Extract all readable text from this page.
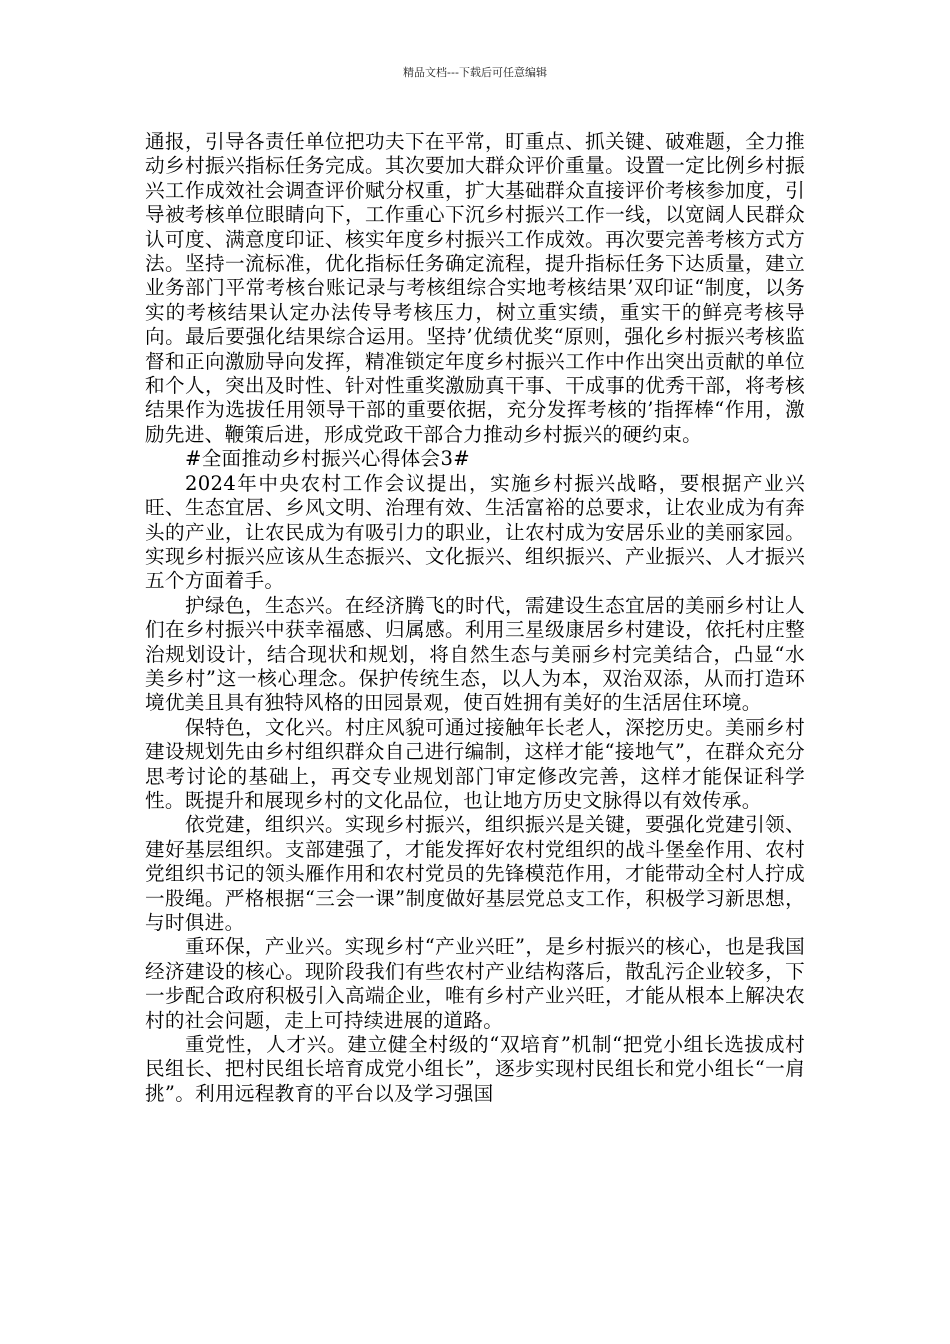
精品文档---下载后可任意编辑

通报，引导各责任单位把功夫下在平常，盯重点、抓关键、破难题，全力推动乡村振兴指标任务完成。其次要加大群众评价重量。设置一定比例乡村振兴工作成效社会调查评价赋分权重，扩大基础群众直接评价考核参加度，引导被考核单位眼睛向下，工作重心下沉乡村振兴工作一线，以宽阔人民群众认可度、满意度印证、核实年度乡村振兴工作成效。再次要完善考核方式方法。坚持一流标准，优化指标任务确定流程，提升指标任务下达质量，建立业务部门平常考核台账记录与考核组综合实地考核结果’双印证“制度，以务实的考核结果认定办法传导考核压力，树立重实绩，重实干的鲜亮考核导向。最后要强化结果综合运用。坚持’优绩优奖“原则，强化乡村振兴考核监督和正向激励导向发挥，精准锁定年度乡村振兴工作中作出突出贡献的单位和个人，突出及时性、针对性重奖激励真干事、干成事的优秀干部，将考核结果作为选拔任用领导干部的重要依据，充分发挥考核的’指挥棒“作用，激励先进、鞭策后进，形成党政干部合力推动乡村振兴的硬约束。

#全面推动乡村振兴心得体会3#

2024年中央农村工作会议提出，实施乡村振兴战略，要根据产业兴旺、生态宜居、乡风文明、治理有效、生活富裕的总要求，让农业成为有奔头的产业，让农民成为有吸引力的职业，让农村成为安居乐业的美丽家园。实现乡村振兴应该从生态振兴、文化振兴、组织振兴、产业振兴、人才振兴五个方面着手。

护绿色，生态兴。在经济腾飞的时代，需建设生态宜居的美丽乡村让人们在乡村振兴中获幸福感、归属感。利用三星级康居乡村建设，依托村庄整治规划设计，结合现状和规划，将自然生态与美丽乡村完美结合，凸显“水美乡村”这一核心理念。保护传统生态，以人为本，双治双添，从而打造环境优美且具有独特风格的田园景观，使百姓拥有美好的生活居住环境。

保特色，文化兴。村庄风貌可通过接触年长老人，深挖历史。美丽乡村建设规划先由乡村组织群众自己进行编制，这样才能“接地气”，在群众充分思考讨论的基础上，再交专业规划部门审定修改完善，这样才能保证科学性。既提升和展现乡村的文化品位，也让地方历史文脉得以有效传承。

依党建，组织兴。实现乡村振兴，组织振兴是关键，要强化党建引领、建好基层组织。支部建强了，才能发挥好农村党组织的战斗堡垒作用、农村党组织书记的领头雁作用和农村党员的先锋模范作用，才能带动全村人拧成一股绳。严格根据“三会一课”制度做好基层党总支工作，积极学习新思想，与时俱进。

重环保，产业兴。实现乡村“产业兴旺”，是乡村振兴的核心，也是我国经济建设的核心。现阶段我们有些农村产业结构落后，散乱污企业较多，下一步配合政府积极引入高端企业，唯有乡村产业兴旺，才能从根本上解决农村的社会问题，走上可持续进展的道路。

重党性，人才兴。建立健全村级的“双培育”机制“把党小组长选拔成村民组长、把村民组长培育成党小组长”，逐步实现村民组长和党小组长“一肩挑”。利用远程教育的平台以及学习强国
